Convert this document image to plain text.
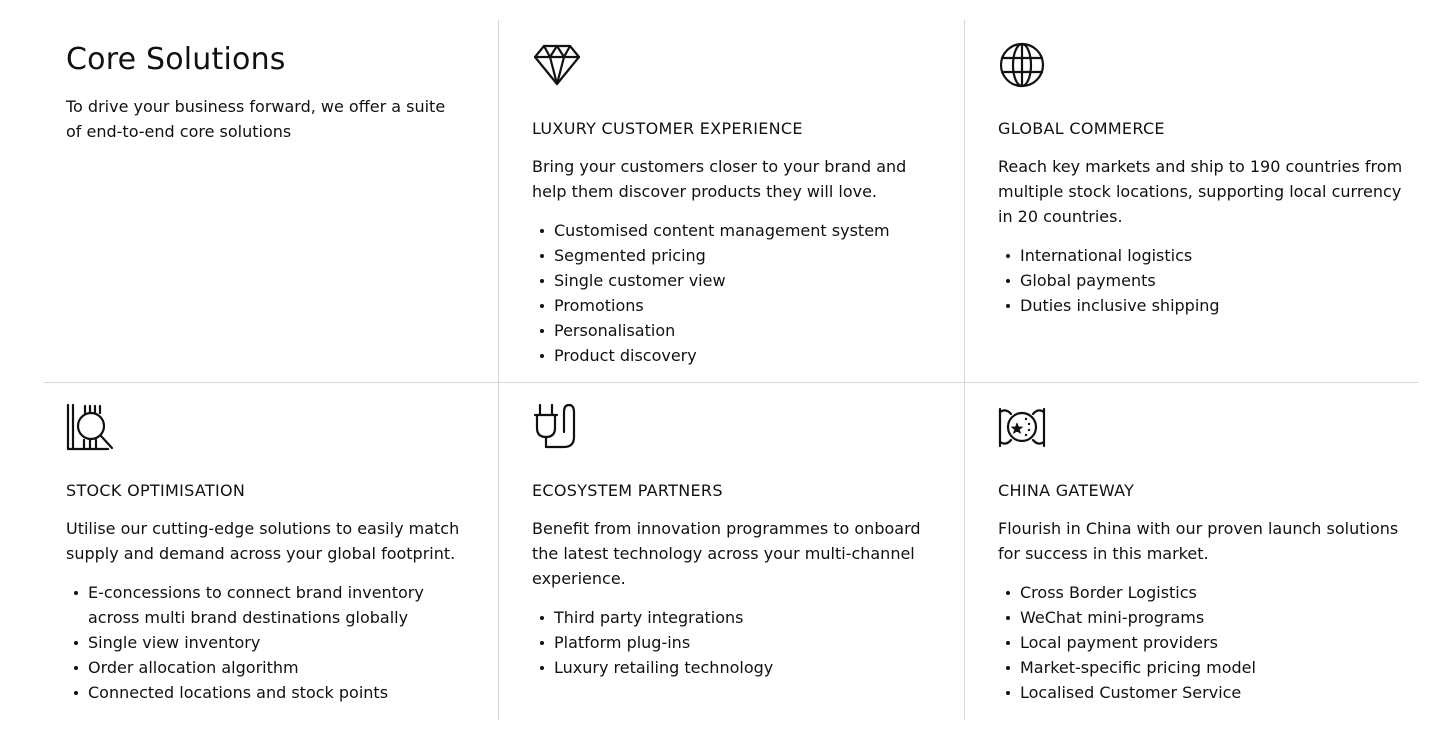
Core Solutions

To drive your business forward, we offer a suite of end-to-end core solutions	LUXURY CUSTOMER EXPERIENCE

Bring your customers closer to your brand and help them discover products they will love.

Customised content management system
Segmented pricing
Single customer view
Promotions
Personalisation
Product discovery
GLOBAL COMMERCE

Reach key markets and ship to 190 countries from multiple stock locations, supporting local currency in 20 countries.

International logistics
Global payments
Duties inclusive shipping
STOCK OPTIMISATION

Utilise our cutting-edge solutions to easily match supply and demand across your global footprint.

E-concessions to connect brand inventory across multi brand destinations globally
Single view inventory
Order allocation algorithm
Connected locations and stock points
ECOSYSTEM PARTNERS

Benefit from innovation programmes to onboard the latest technology across your multi-channel experience.

Third party integrations
Platform plug-ins
Luxury retailing technology
CHINA GATEWAY

Flourish in China with our proven launch solutions for success in this market.

Cross Border Logistics
WeChat mini-programs
Local payment providers
Market-specific pricing model
Localised Customer Service
